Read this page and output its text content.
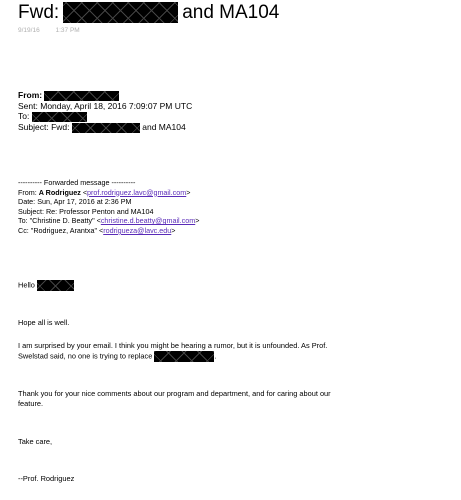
Fwd:	and MA104
9/19/16 1:37 PM
From:
Sent: Monday, April 18, 2016 7:09:07 PM UTC
To:
Subject: Fwd:	and MA104
---------- Forwarded message ----------
From: A Rodriguez <prof.rodriguez.lavc@gmail.com>
Date: Sun, Apr 17, 2016 at 2:36 PM
Subject: Re: Professor Penton and MA104
To: "Christine D. Beatty" <christine.d.beatty@gmail.com>
Cc: "Rodriguez, Arantxa" <rodrigueza@lavc.edu>
Hello
Hope all is well.
I am surprised by your email. I think you might be hearing a rumor, but it is unfounded. As Prof.
Swelstad said, no one is trying to replace	.
Thank you for your nice comments about our program and department, and for caring about our
feature.
Take care,
--Prof. Rodriguez
